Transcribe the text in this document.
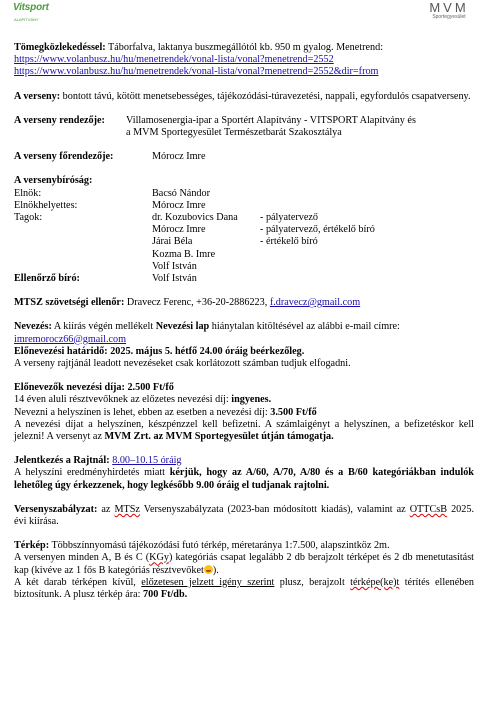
Vitsport
ALAPÍTVÁNY
MVM
Sportegyesület

Tömegközlekedéssel: Táborfalva, laktanya buszmegállótól kb. 950 m gyalog. Menetrend:

https://www.volanbusz.hu/hu/menetrendek/vonal-lista/vonal?menetrend=2552

https://www.volanbusz.hu/hu/menetrendek/vonal-lista/vonal?menetrend=2552&dir=from

A verseny: bontott távú, kötött menetsebességes, tájékozódási-túravezetési, nappali, egyfordulós csapatverseny.

A verseny rendezője: Villamosenergia-ipar a Sportért Alapítvány - VITSPORT Alapítvány és
a MVM Sportegyesület Természetbarát Szakosztálya
A verseny főrendezője:	Mórocz Imre

A versenybíróság:

Elnök:	Bacsó Nándor
Elnökhelyettes:	Mórocz Imre
Tagok:	dr. Kozubovics Dana - pályatervező
Mórocz Imre	- pályatervező, értékelő bíró
Járai Béla	- értékelő bíró
Kozma B. Imre
Volf István
Ellenőrző bíró:	Volf István

MTSZ szövetségi ellenőr: Dravecz Ferenc, +36-20-2886223, f.dravecz@gmail.com

Nevezés: A kiírás végén mellékelt Nevezési lap hiánytalan kitöltésével az alábbi e-mail címre:

imremorocz66@gmail.com

Előnevezési határidő: 2025. május 5. hétfő 24.00 óráig beérkezőleg.

A verseny rajtjánál leadott nevezéseket csak korlátozott számban tudjuk elfogadni.

Előnevezők nevezési díja: 2.500 Ft/fő

14 éven aluli résztvevőknek az előzetes nevezési díj: ingyenes.

Nevezni a helyszínen is lehet, ebben az esetben a nevezési díj: 3.500 Ft/fő

A nevezési díjat a helyszínen, készpénzzel kell befizetni. A számlaigényt a helyszínen, a befizetéskor kell jelezni! A versenyt az MVM Zrt. az MVM Sportegyesület útján támogatja.

Jelentkezés a Rajtnál: 8.00–10.15 óráig

A helyszíni eredményhirdetés miatt kérjük, hogy az A/60, A/70, A/80 és a B/60 kategóriákban indulók lehetőleg úgy érkezzenek, hogy legkésőbb 9.00 óráig el tudjanak rajtolni.

Versenyszabályzat: az MTSz Versenyszabályzata (2023-ban módosított kiadás), valamint az OTTCsB 2025. évi kiírása.

Térkép: Többszínnyomású tájékozódási futó térkép, méretaránya 1:7.500, alapszintköz 2m.

A versenyen minden A, B és C (KGy) kategóriás csapat legalább 2 db berajzolt térképet és 2 db menetutasítást kap (kivéve az 1 fős B kategóriás résztvevőket ).

A két darab térképen kívül, előzetesen jelzett igény szerint plusz, berajzolt térképe(ke)t térítés ellenében biztosítunk. A plusz térkép ára: 700 Ft/db.
